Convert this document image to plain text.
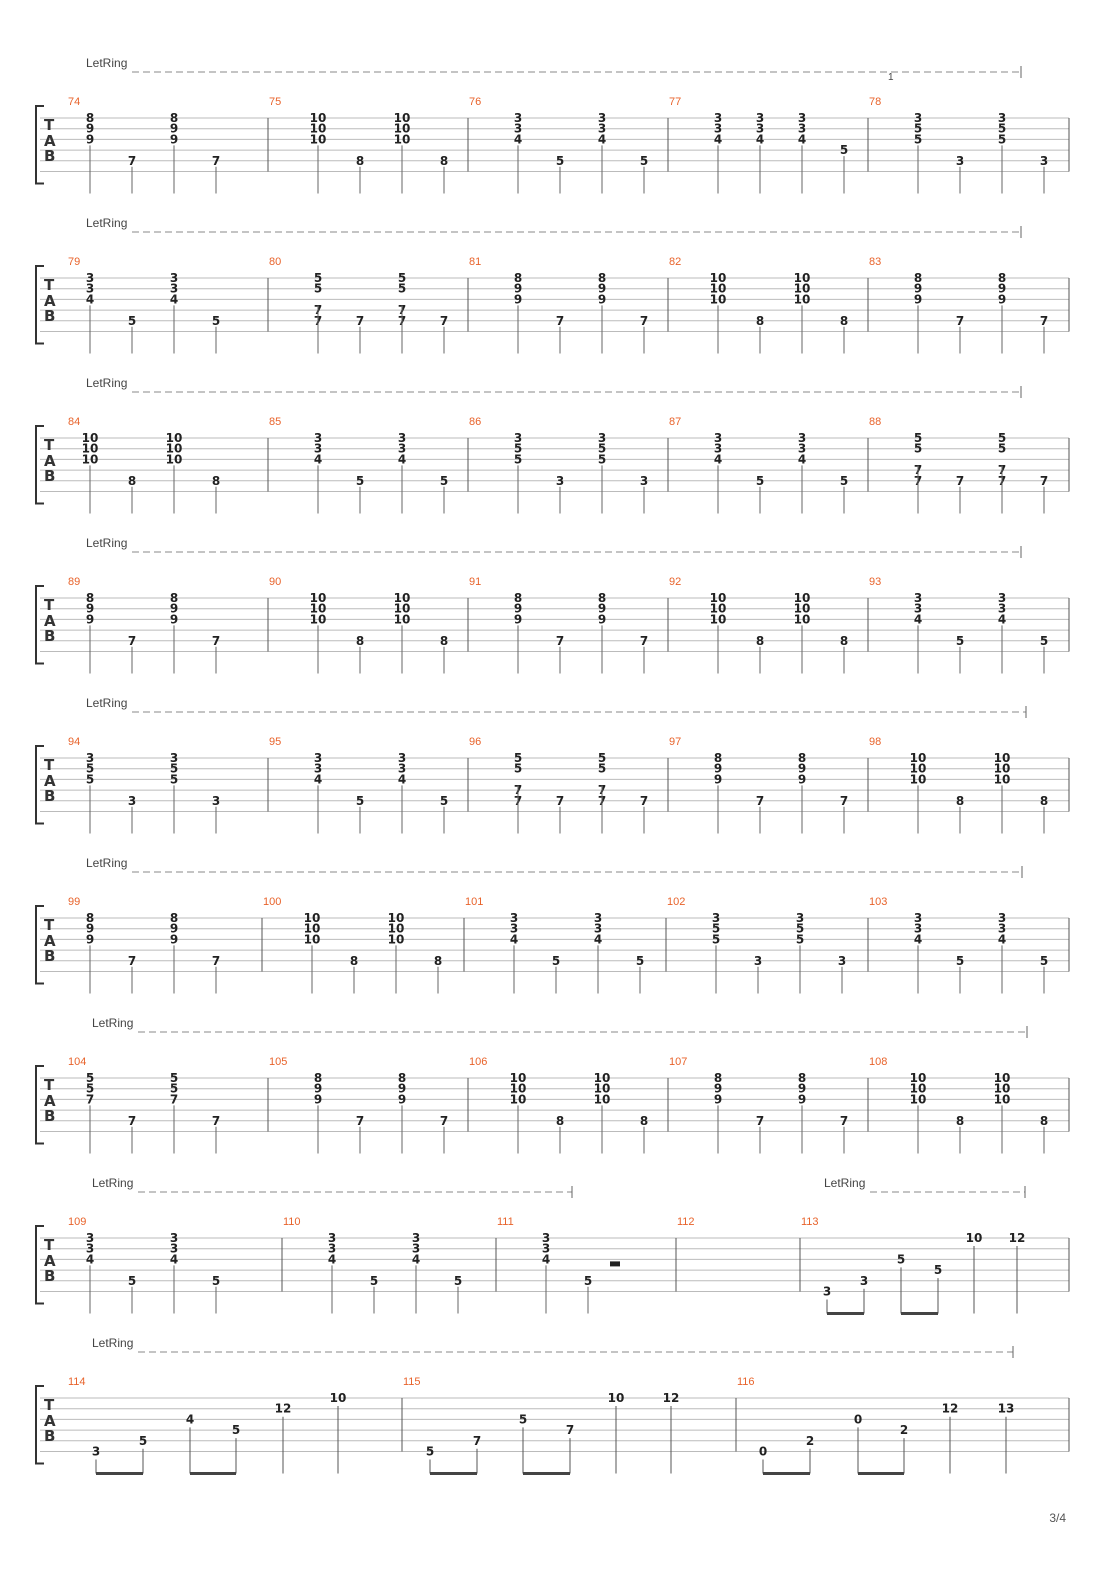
LetRing
T
A
B
74
8
9
9
7
8
9
9
7
75
10
10
10
8
10
10
10
8
76
3
3
4
5
3
3
4
5
77
3
3
4
3
3
4
3
3
4
5
78
3
5
5
3
3
5
5
3
LetRing
T
A
B
79
3
3
4
5
3
3
4
5
80
5
5
7
7	7
5
5
7
7	7
81
8
9
9
7
8
9
9
7
82
10
10
10
8
10
10
10
8
83
8
9
9
7
8
9
9
7
LetRing
T
A
B
84
10
10
10
8
10
10
10
8
85
3
3
4
5
3
3
4
5
86
3
5
5
3
3
5
5
3
87
3
3
4
5
3
3
4
5
88
5
5
7
7	7
5
5
7
7	7
LetRing
T
A
B
89
8
9
9
7
8
9
9
7
90
10
10
10
8
10
10
10
8
91
8
9
9
7
8
9
9
7
92
10
10
10
8
10
10
10
8
93
3
3
4
5
3
3
4
5
LetRing
T
A
B
94
3
5
5
3
3
5
5
3
95
3
3
4
5
3
3
4
5
96
5
5
7
7	7
5
5
7
7	7
97
8
9
9
7
8
9
9
7
98
10
10
10
8
10
10
10
8
LetRing
T
A
B
99
8
9
9
7
8
9
9
7
100
10
10
10
8
10
10
10
8
101
3
3
4
5
3
3
4
5
102
3
5
5
3
3
5
5
3
103
3
3
4
5
3
3
4
5
LetRing
T
A
B
104
5
5
7
7
5
5
7
7
105
8
9
9
7
8
9
9
7
106
10
10
10
8
10
10
10
8
107
8
9
9
7
8
9
9
7
108
10
10
10
8
10
10
10
8
LetRing	LetRing
T
A
B
109
3
3
4
5
3
3
4
5
110
3
3
4
5
3
3
4
5
111
3
3
4
5
112	113
3
3
5
5
10 12
LetRing
T
A
B
114
3
5
4
5
12
10
115
5
7
5
7
10	12
116
0
2
0
2
12	13
3/4
1
